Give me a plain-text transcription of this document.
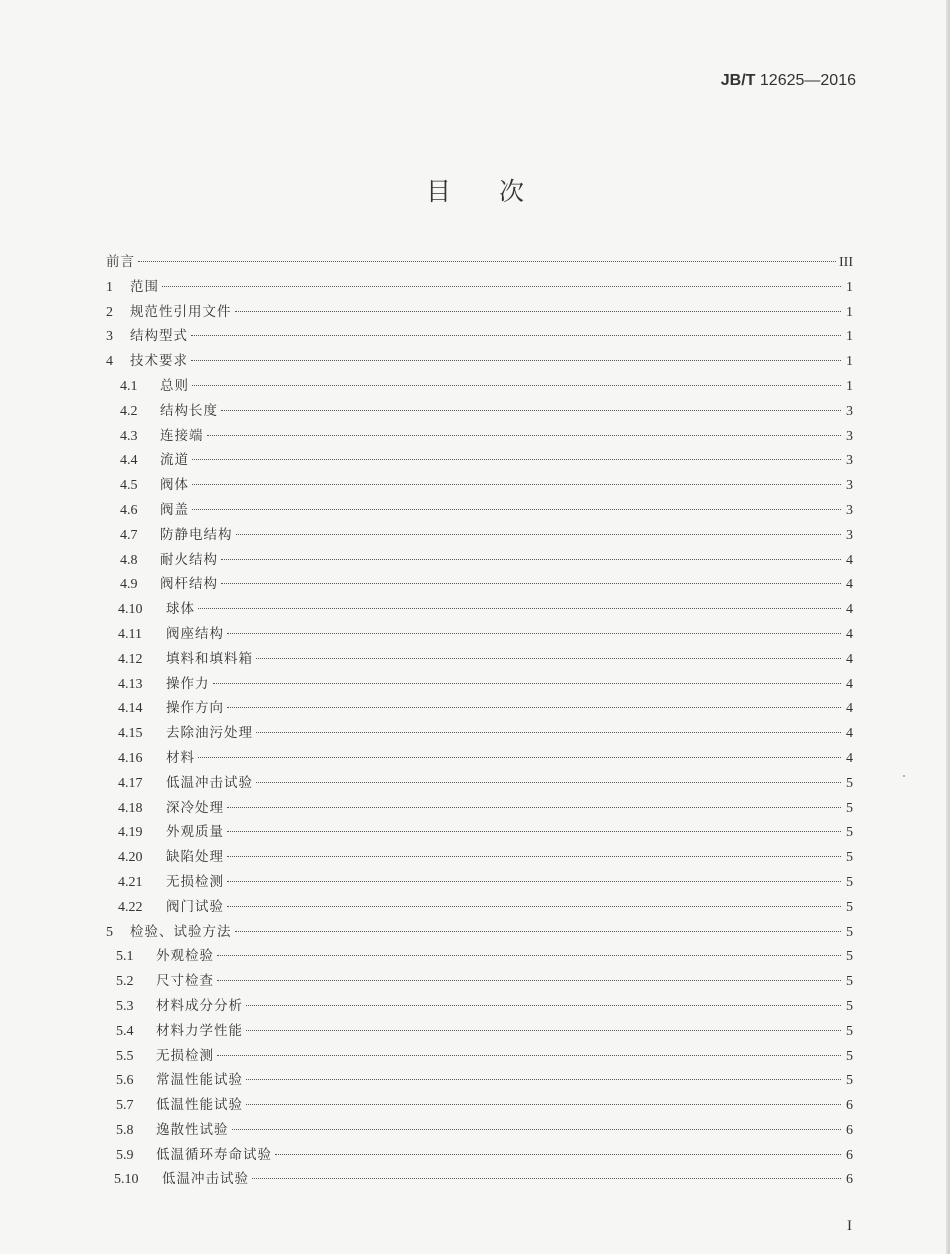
JB/T 12625—2016
目次
前言	III
1	范围	1
2	规范性引用文件	1
3	结构型式	1
4	技术要求	1
4.1	总则	1
4.2	结构长度	3
4.3	连接端	3
4.4	流道	3
4.5	阀体	3
4.6	阀盖	3
4.7	防静电结构	3
4.8	耐火结构	4
4.9	阀杆结构	4
4.10	球体	4
4.11	阀座结构	4
4.12	填料和填料箱	4
4.13	操作力	4
4.14	操作方向	4
4.15	去除油污处理	4
4.16	材料	4
4.17	低温冲击试验	5
4.18	深冷处理	5
4.19	外观质量	5
4.20	缺陷处理	5
4.21	无损检测	5
4.22	阀门试验	5
5	检验、试验方法	5
5.1	外观检验	5
5.2	尺寸检查	5
5.3	材料成分分析	5
5.4	材料力学性能	5
5.5	无损检测	5
5.6	常温性能试验	5
5.7	低温性能试验	6
5.8	逸散性试验	6
5.9	低温循环寿命试验	6
5.10	低温冲击试验	6
I
